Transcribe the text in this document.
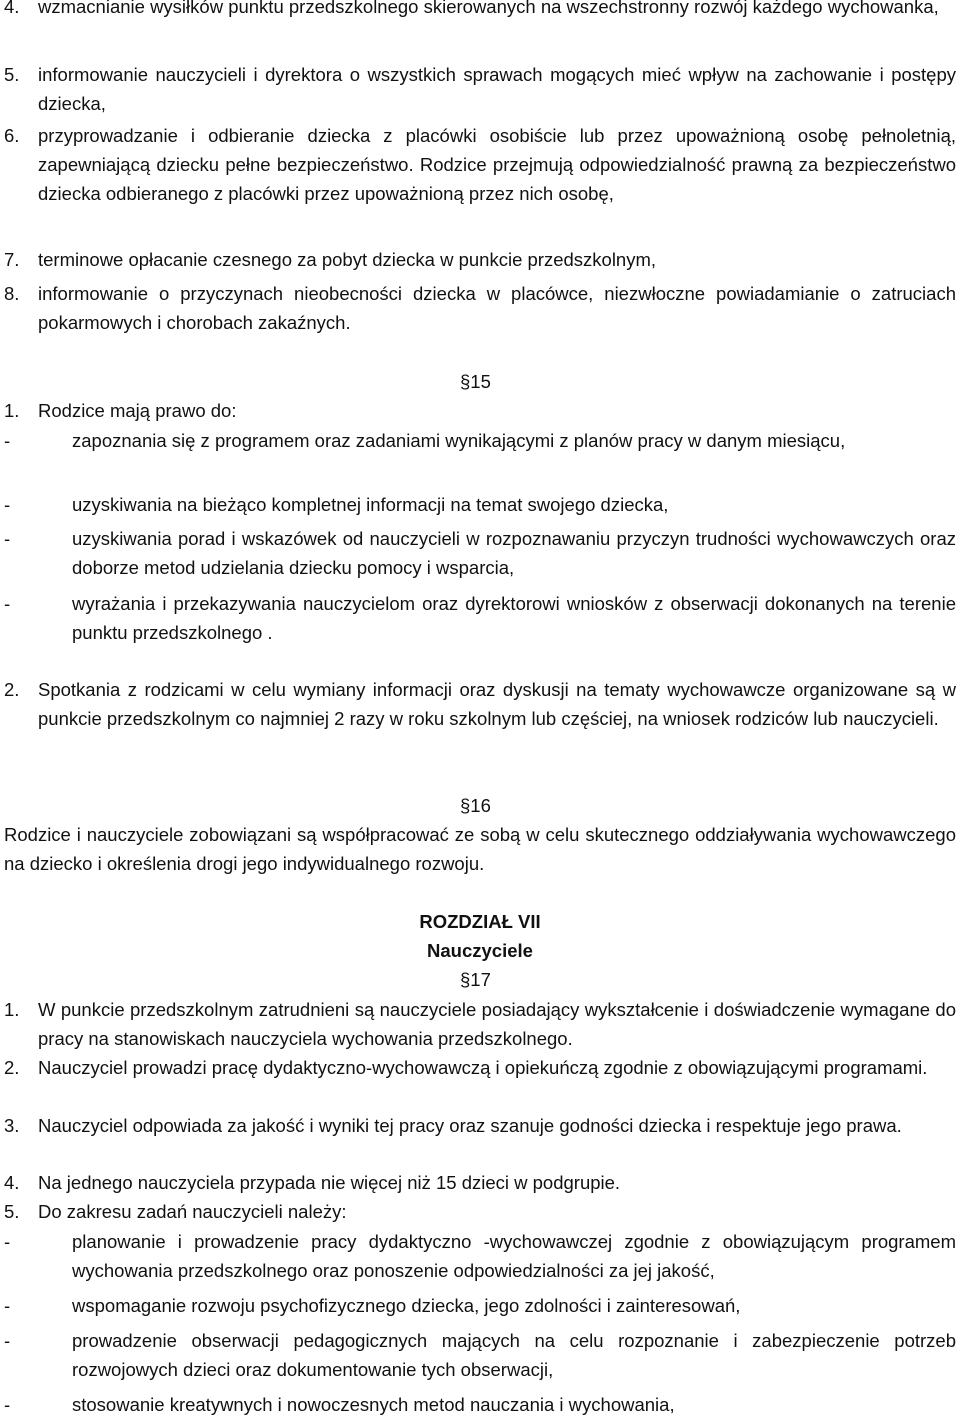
4.	wzmacnianie wysiłków punktu przedszkolnego skierowanych na wszechstronny rozwój każdego wychowanka,
5.	informowanie nauczycieli i dyrektora o wszystkich sprawach mogących mieć wpływ na zachowanie i postępy dziecka,
6.	przyprowadzanie i odbieranie dziecka z placówki osobiście lub przez upoważnioną osobę pełnoletnią, zapewniającą dziecku pełne bezpieczeństwo. Rodzice przejmują odpowiedzialność prawną za bezpieczeństwo dziecka odbieranego z placówki przez upoważnioną przez nich osobę,
7.	terminowe opłacanie czesnego za pobyt dziecka w punkcie przedszkolnym,
8.	informowanie o przyczynach nieobecności dziecka w placówce, niezwłoczne powiadamianie o zatruciach pokarmowych i chorobach zakaźnych.
§15
1.	Rodzice mają prawo do:
-	zapoznania się z programem oraz zadaniami wynikającymi z planów pracy w danym miesiącu,
-	uzyskiwania na bieżąco kompletnej informacji na temat swojego dziecka,
-	uzyskiwania porad i wskazówek od nauczycieli w rozpoznawaniu przyczyn trudności wychowawczych oraz doborze metod udzielania dziecku pomocy i wsparcia,
-	wyrażania i przekazywania nauczycielom oraz dyrektorowi wniosków z obserwacji dokonanych na terenie punktu przedszkolnego .
2.	Spotkania z rodzicami w celu wymiany informacji oraz dyskusji na tematy wychowawcze organizowane są w punkcie przedszkolnym co najmniej 2 razy w roku szkolnym lub częściej, na wniosek rodziców lub nauczycieli.
§16
Rodzice i nauczyciele zobowiązani są współpracować ze sobą w celu skutecznego oddziaływania wychowawczego na dziecko i określenia drogi jego indywidualnego rozwoju.
ROZDZIAŁ VII
Nauczyciele
§17
1.	W punkcie przedszkolnym zatrudnieni są nauczyciele posiadający wykształcenie i doświadczenie wymagane do pracy na stanowiskach nauczyciela wychowania przedszkolnego.
2.	Nauczyciel prowadzi pracę dydaktyczno-wychowawczą i opiekuńczą zgodnie z obowiązującymi programami.
3.	Nauczyciel odpowiada za jakość i wyniki tej pracy oraz szanuje godności dziecka i respektuje jego prawa.
4.	Na jednego nauczyciela przypada nie więcej niż 15 dzieci w podgrupie.
5.	Do zakresu zadań nauczycieli należy:
-	planowanie i prowadzenie pracy dydaktyczno -wychowawczej zgodnie z obowiązującym programem wychowania przedszkolnego oraz ponoszenie odpowiedzialności za jej jakość,
-	wspomaganie rozwoju psychofizycznego dziecka, jego zdolności i zainteresowań,
-	prowadzenie obserwacji pedagogicznych mających na celu rozpoznanie i zabezpieczenie potrzeb rozwojowych dzieci oraz dokumentowanie tych obserwacji,
-	stosowanie kreatywnych i nowoczesnych metod nauczania i wychowania,
